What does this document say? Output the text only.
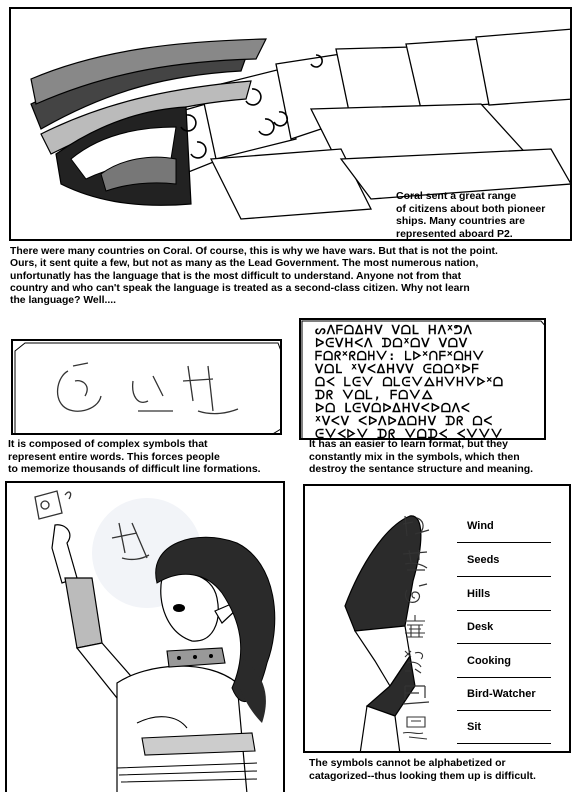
Coral sent a great range
of citizens about both pioneer
ships. Many countries are
represented aboard P2.
There were many countries on Coral. Of course, this is why we have wars. But that is not the point.
Ours, it sent quite a few, but not as many as the Lead Government. The most numerous nation,
unfortunatly has the language that is the most difficult to understand. Anyone not from that
country and who can't speak the language is treated as a second-class citizen. Why not learn
the language? Well....
It is composed of complex symbols that
represent entire words. This forces people
to memorize thousands of difficult line formations.
ᔕᐱᖴᗝᐃᕼᐯ ᐯᗝᒪ ᕼᐱᕽᕤᐱ
ᐅᕮᐯᕼᐸᐱ ᗪᗝᕽᗝᐯ ᐯᗝᐯ
ᖴᗝᖇᕽᖇᗝᕼᐯ: ᒪᐅᕽᑎᖴᕽᗝᕼᐯ
ᐯᗝᒪ ᕽᐯᐸᐃᕼᐯᐯ ᕮᗝᗝᕽᐅᖴ
ᗝᐸ ᒪᕮᐯ ᗝᒪᕮᐯᐃᕼᐯᕼᐯᐅᕽᗝ
ᗪᖇ ᐯᗝᒪ, ᖴᗝᐯᐃ
ᐅᗝ ᒪᕮᐯᗝᐅᐃᕼᐯᐸᐅᗝᐱᐸ
ᕽᐯᐸᐯ ᐸᐅᐱᐅᐃᗝᕼᐯ ᗪᖇ ᗝᐸ
ᕮᐯᐸᐅᐯ ᗪᖇ ᐯᗝᗪᐸ ᐸᐯᐯᐯ
It has an easier to learn format, but they
constantly mix in the symbols, which then
destroy the sentance structure and meaning.
Wind
Seeds
Hills
Desk
Cooking
Bird-Watcher
Sit
The symbols cannot be alphabetized or
catagorized--thus looking them up is difficult.
